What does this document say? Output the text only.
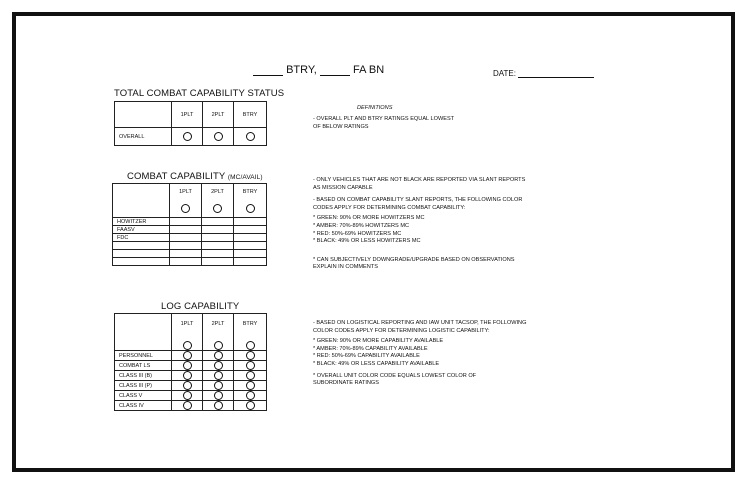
BTRY,	FA BN	DATE:
TOTAL COMBAT CAPABILITY STATUS
	1PLT	2PLT	BTRY
OVERALL	

COMBAT CAPABILITY (MC/AVAIL)

	1PLT	2PLT	BTRY

HOWITZER			
FAASV			
FDC			

LOG CAPABILITY

	1PLT	2PLT	BTRY

PERSONNEL	

COMBAT LS	

CLASS III (B)	

CLASS III (P)	

CLASS V	

CLASS IV	

DEFINITIONS
- OVERALL PLT AND BTRY RATINGS EQUAL LOWEST
OF BELOW RATINGS
- ONLY VEHICLES THAT ARE NOT BLACK ARE REPORTED VIA SLANT REPORTS
AS MISSION CAPABLE
- BASED ON COMBAT CAPABILITY SLANT REPORTS, THE FOLLOWING COLOR
CODES APPLY FOR DETERMINING COMBAT CAPABILITY:
* GREEN: 90% OR MORE HOWITZERS MC
* AMBER: 70%-89% HOWITZERS MC
* RED: 50%-69% HOWITZERS MC
* BLACK: 49% OR LESS HOWITZERS MC
* CAN SUBJECTIVELY DOWNGRADE/UPGRADE BASED ON OBSERVATIONS
EXPLAIN IN COMMENTS
- BASED ON LOGISTICAL REPORTING AND IAW UNIT TACSOP, THE FOLLOWING
COLOR CODES APPLY FOR DETERMINING LOGISTIC CAPABILITY:
* GREEN: 90% OR MORE CAPABILITY AVAILABLE
* AMBER: 70%-89% CAPABILITY AVAILABLE
* RED: 50%-69% CAPABILITY AVAILABLE
* BLACK: 49% OR LESS CAPABILITY AVAILABLE
* OVERALL UNIT COLOR CODE EQUALS LOWEST COLOR OF
SUBORDINATE RATINGS
